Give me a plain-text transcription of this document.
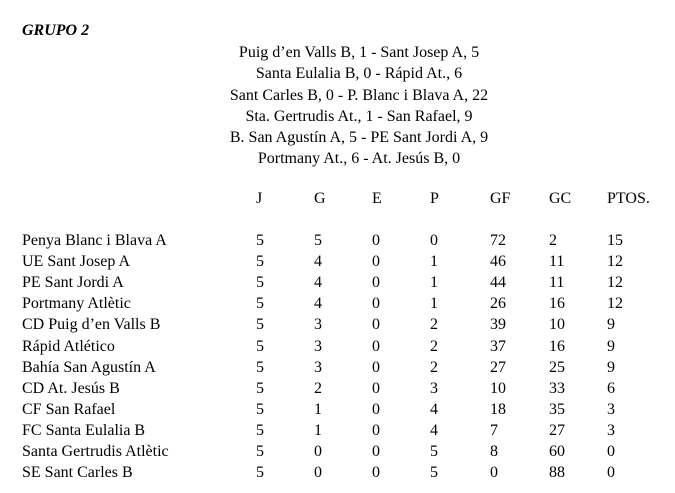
GRUPO 2
Puig d’en Valls B, 1 - Sant Josep A, 5
Santa Eulalia B, 0 - Rápid At., 6
Sant Carles B, 0 - P. Blanc i Blava A, 22
Sta. Gertrudis At., 1 - San Rafael, 9
B. San Agustín A, 5 - PE Sant Jordi A, 9
Portmany At., 6 - At. Jesús B, 0
J	G	E	P	GF GC PTOS.
Penya Blanc i Blava A	5	5	0	0	72	2	15
UE Sant Josep A	5	4	0	1	46	11	12
PE Sant Jordi A	5	4	0	1	44	11	12
Portmany Atlètic	5	4	0	1	26	16	12
CD Puig d’en Valls B	5	3	0	2	39	10	9
Rápid Atlético	5	3	0	2	37	16	9
Bahía San Agustín A	5	3	0	2	27	25	9
CD At. Jesús B	5	2	0	3	10	33	6
CF San Rafael	5	1	0	4	18	35	3
FC Santa Eulalia B	5	1	0	4	7	27	3
Santa Gertrudis Atlètic	5	0	0	5	8	60	0
SE Sant Carles B	5	0	0	5	0	88	0
